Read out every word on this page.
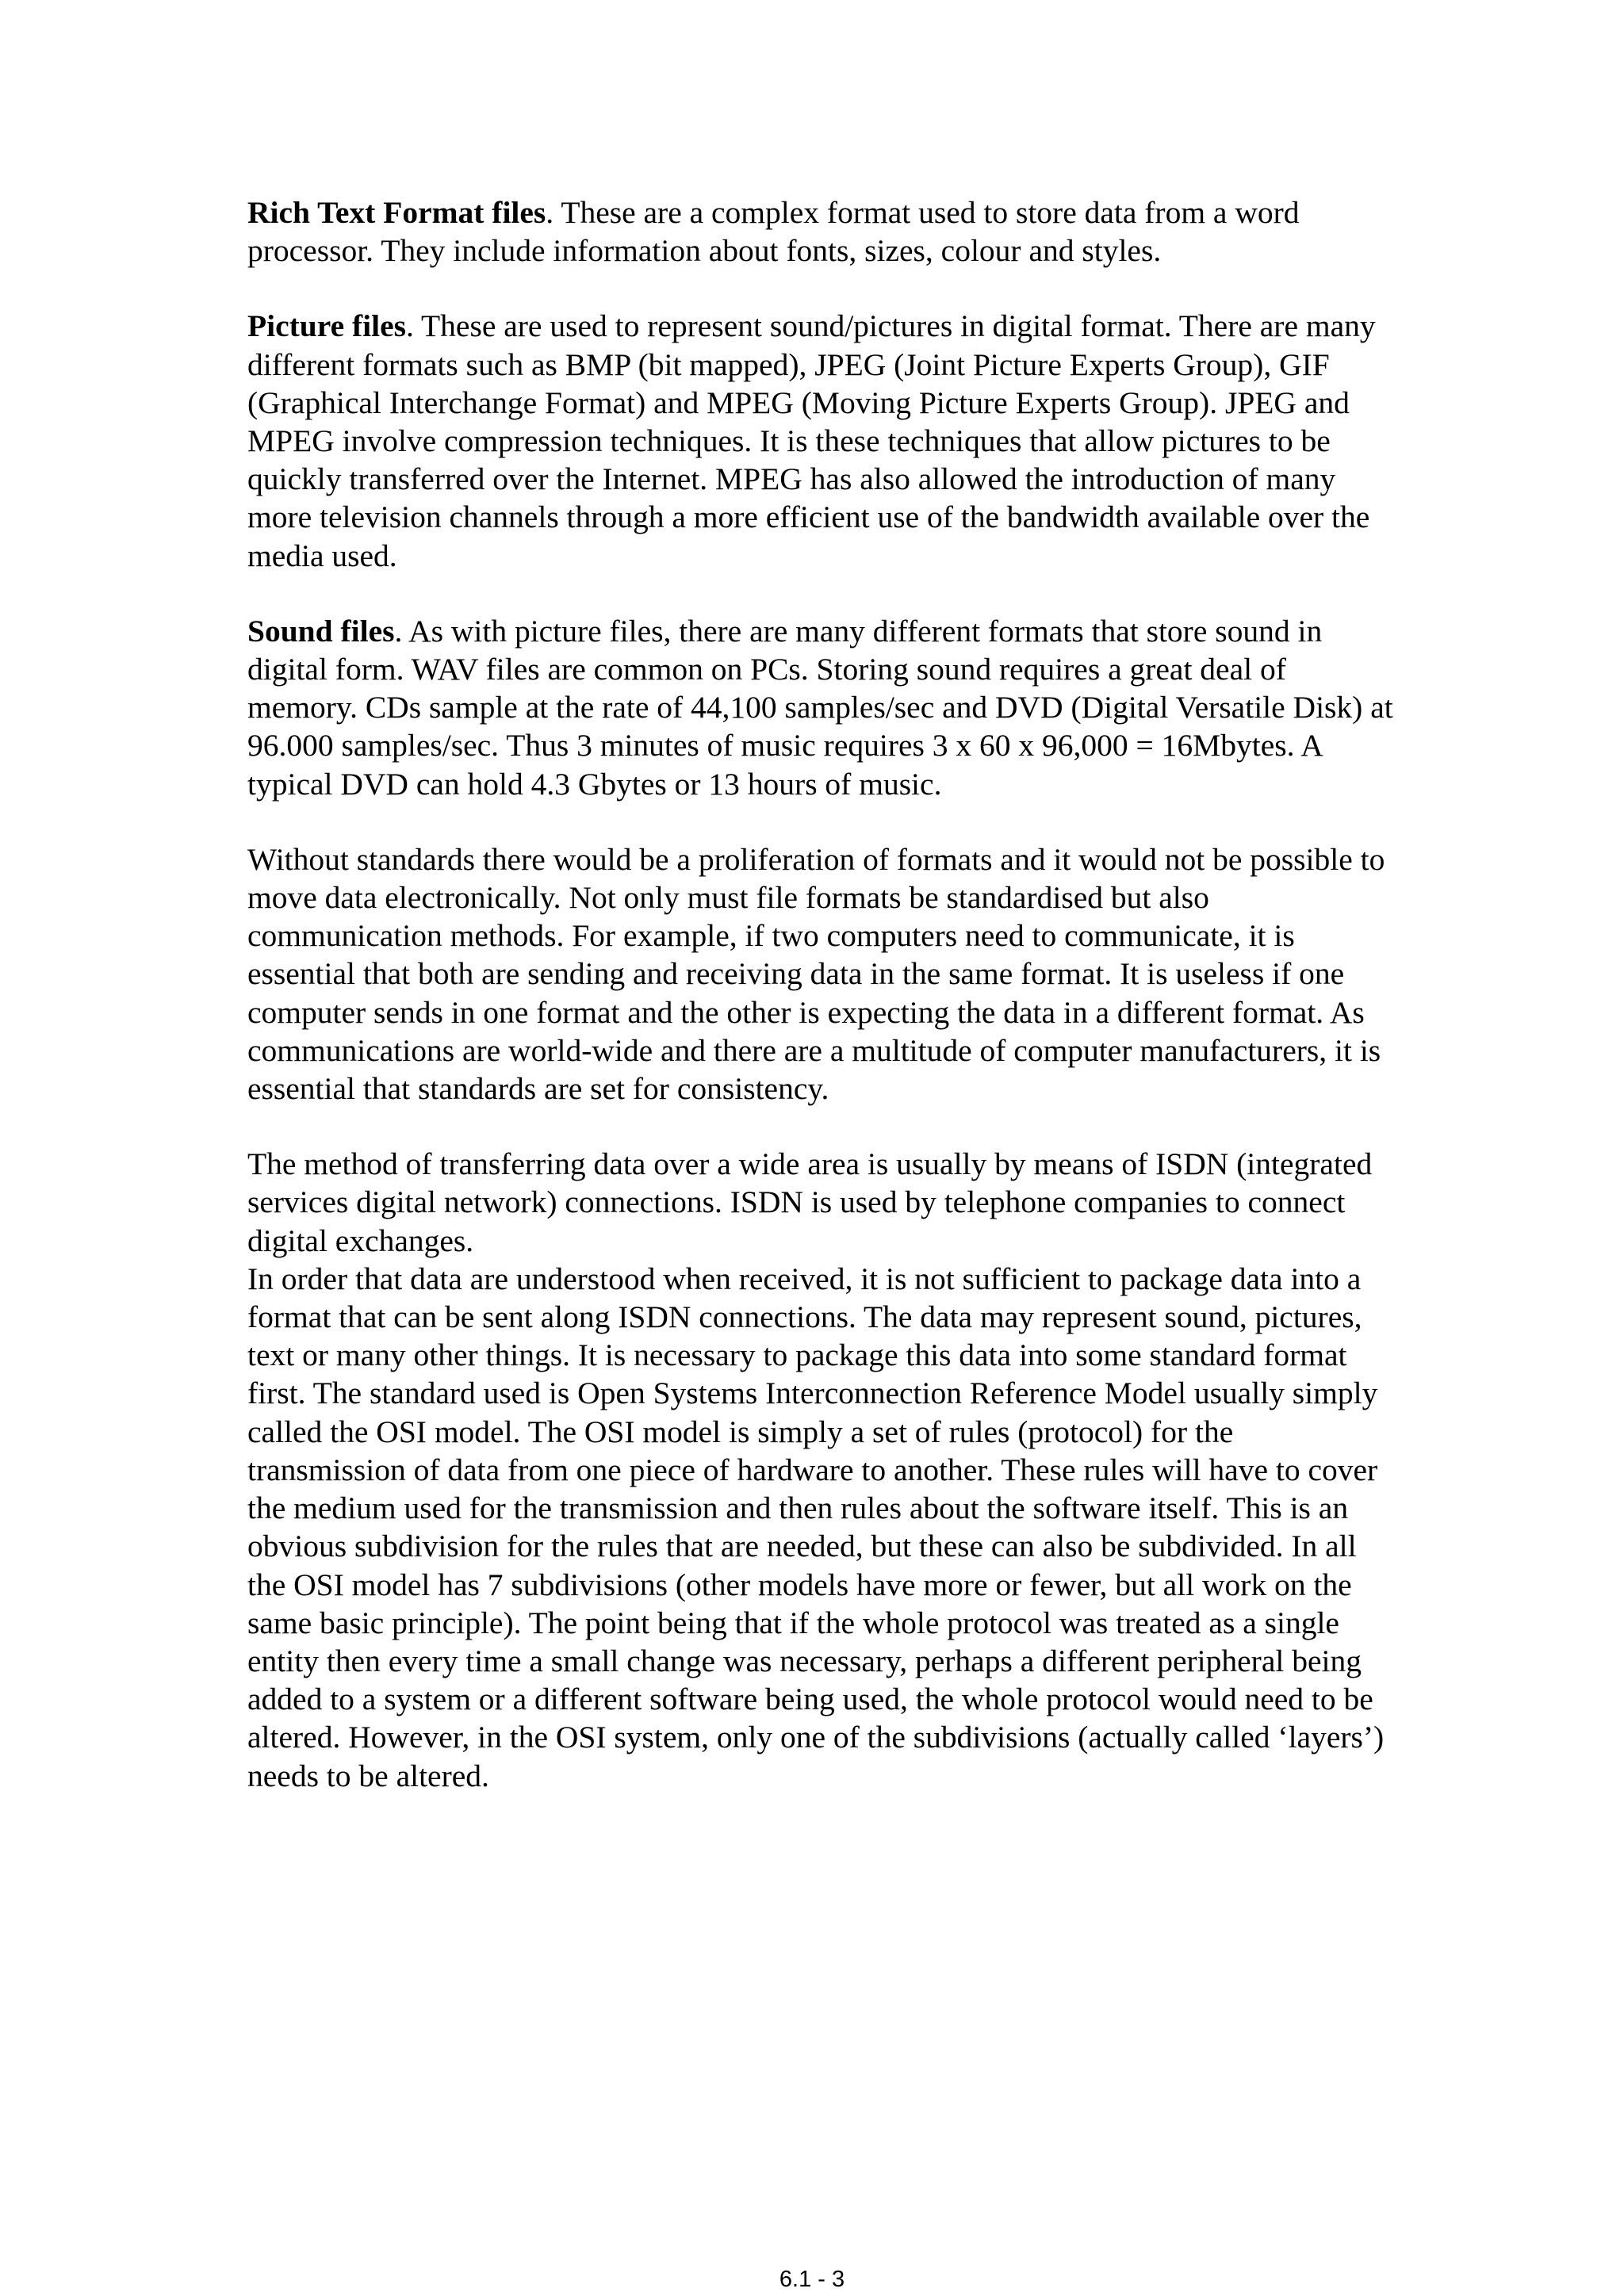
Rich Text Format files. These are a complex format used to store data from a word processor. They include information about fonts, sizes, colour and styles.

Picture files. These are used to represent sound/pictures in digital format. There are many different formats such as BMP (bit mapped), JPEG (Joint Picture Experts Group), GIF (Graphical Interchange Format) and MPEG (Moving Picture Experts Group). JPEG and MPEG involve compression techniques. It is these techniques that allow pictures to be quickly transferred over the Internet. MPEG has also allowed the introduction of many more television channels through a more efficient use of the bandwidth available over the media used.

Sound files. As with picture files, there are many different formats that store sound in digital form. WAV files are common on PCs. Storing sound requires a great deal of memory. CDs sample at the rate of 44,100 samples/sec and DVD (Digital Versatile Disk) at 96.000 samples/sec. Thus 3 minutes of music requires 3 x 60 x 96,000 = 16Mbytes. A typical DVD can hold 4.3 Gbytes or 13 hours of music.

Without standards there would be a proliferation of formats and it would not be possible to move data electronically. Not only must file formats be standardised but also communication methods. For example, if two computers need to communicate, it is essential that both are sending and receiving data in the same format. It is useless if one computer sends in one format and the other is expecting the data in a different format. As communications are world-wide and there are a multitude of computer manufacturers, it is essential that standards are set for consistency.

The method of transferring data over a wide area is usually by means of ISDN (integrated services digital network) connections. ISDN is used by telephone companies to connect digital exchanges.

In order that data are understood when received, it is not sufficient to package data into a format that can be sent along ISDN connections. The data may represent sound, pictures, text or many other things. It is necessary to package this data into some standard format first. The standard used is Open Systems Interconnection Reference Model usually simply called the OSI model. The OSI model is simply a set of rules (protocol) for the transmission of data from one piece of hardware to another. These rules will have to cover the medium used for the transmission and then rules about the software itself. This is an obvious subdivision for the rules that are needed, but these can also be subdivided. In all the OSI model has 7 subdivisions (other models have more or fewer, but all work on the same basic principle). The point being that if the whole protocol was treated as a single entity then every time a small change was necessary, perhaps a different peripheral being added to a system or a different software being used, the whole protocol would need to be altered. However, in the OSI system, only one of the subdivisions (actually called ‘layers’) needs to be altered.

6.1 - 3
